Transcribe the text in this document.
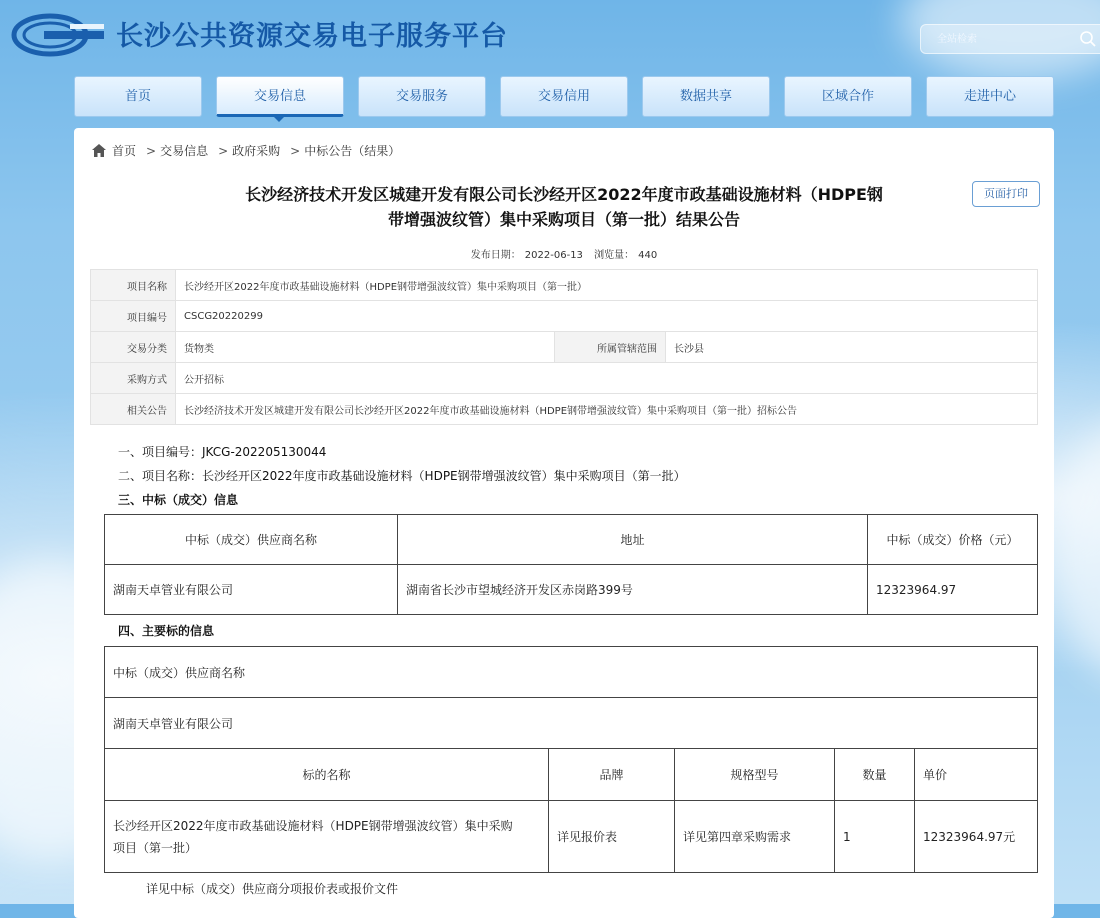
长沙公共资源交易电子服务平台
全站检索
首页	交易信息	交易服务	交易信用	数据共享	区域合作	走进中心
首页 > 交易信息 > 政府采购 > 中标公告（结果）
长沙经济技术开发区城建开发有限公司长沙经开区2022年度市政基础设施材料（HDPE钢
带增强波纹管）集中采购项目（第一批）结果公告
页面打印
发布日期： 2022-06-13 浏览量： 440
项目名称	长沙经开区2022年度市政基础设施材料（HDPE钢带增强波纹管）集中采购项目（第一批）		
项目编号	CSCG20220299		
交易分类	货物类	所属管辖范围	长沙县
采购方式	公开招标		
相关公告	长沙经济技术开发区城建开发有限公司长沙经开区2022年度市政基础设施材料（HDPE钢带增强波纹管）集中采购项目（第一批）招标公告		
一、项目编号：JKCG-202205130044
二、项目名称：长沙经开区2022年度市政基础设施材料（HDPE钢带增强波纹管）集中采购项目（第一批）
三、中标（成交）信息
中标（成交）供应商名称	地址	中标（成交）价格（元）
湖南天卓管业有限公司	湖南省长沙市望城经济开发区赤岗路399号	12323964.97
四、主要标的信息
中标（成交）供应商名称
湖南天卓管业有限公司
标的名称	品牌	规格型号	数量	单价

长沙经开区2022年度市政基础设施材料（HDPE钢带增强波纹管）集中采购
项目（第一批）	详见报价表	详见第四章采购需求	1	12323964.97元
详见中标（成交）供应商分项报价表或报价文件
